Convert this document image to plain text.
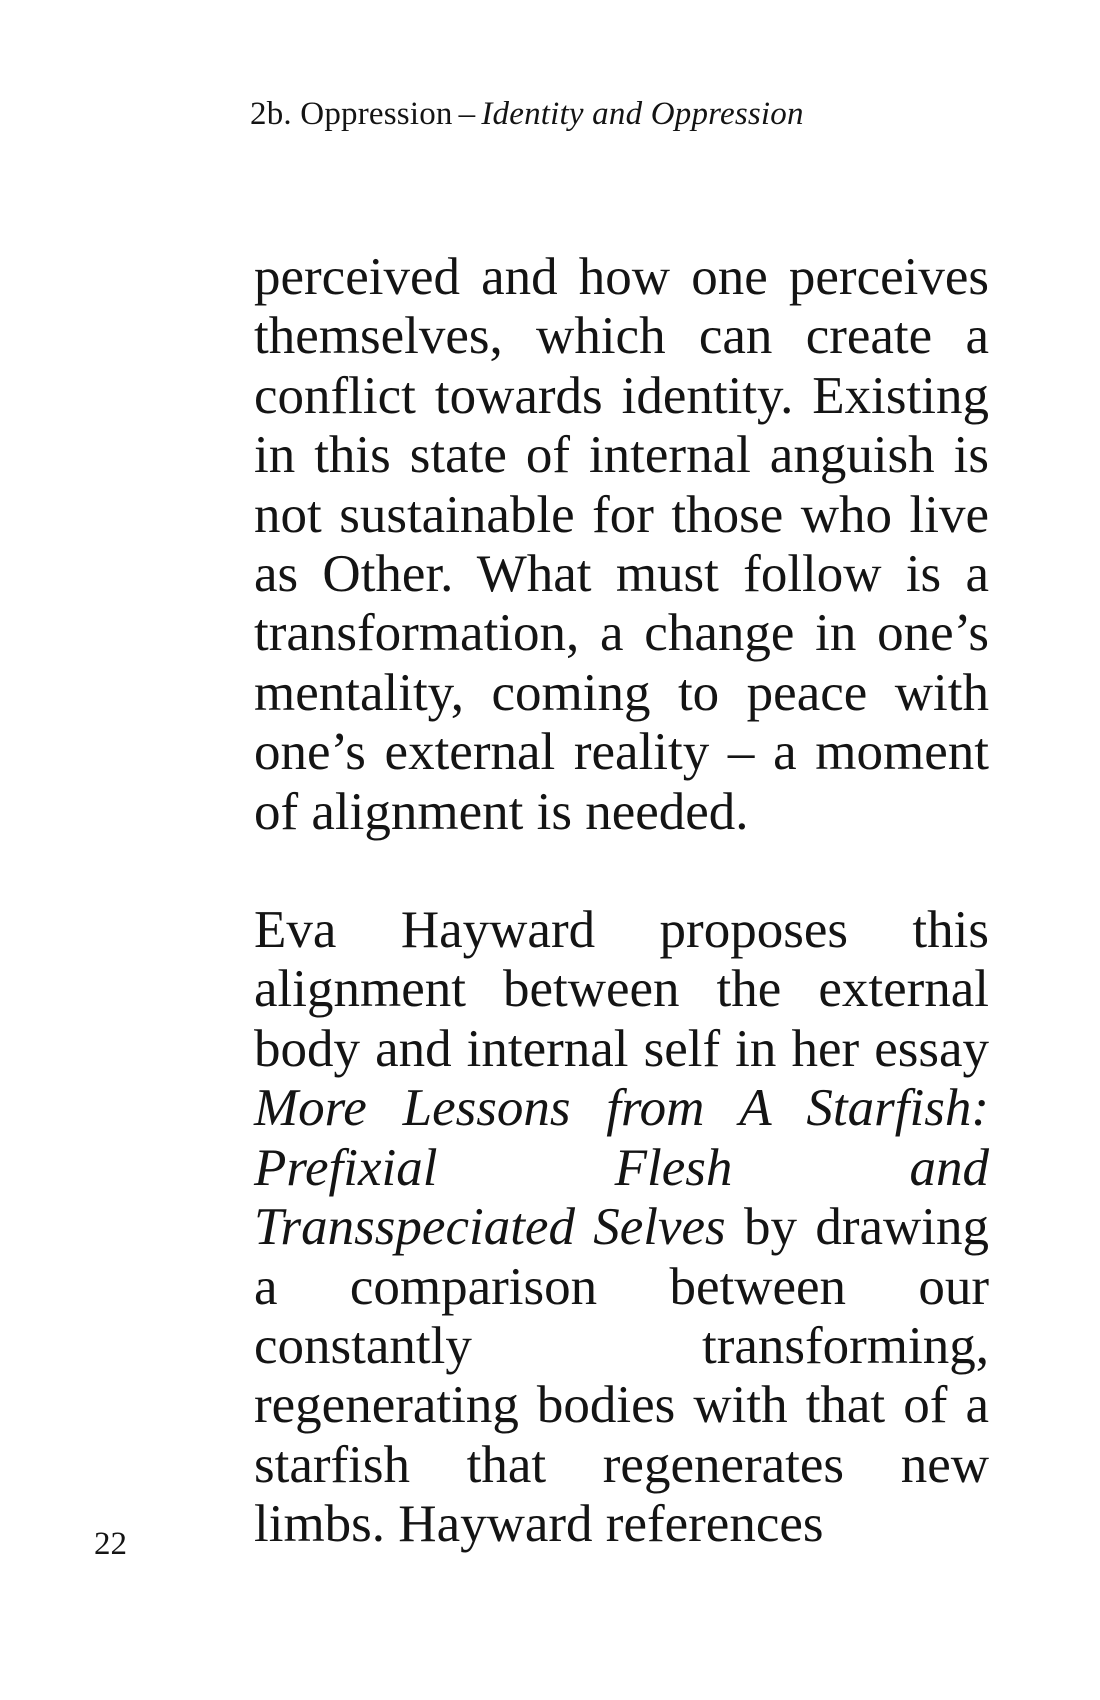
2b. Oppression – Identity and Oppression

perceived and how one perceives themselves, which can create a conflict towards identity. Existing in this state of internal anguish is not sustainable for those who live as Other. What must follow is a transformation, a change in one’s mentality, coming to peace with one’s external reality – a moment of alignment is needed.

Eva Hayward proposes this alignment between the external body and internal self in her essay More Lessons from A Starfish: Prefixial Flesh and Transspeciated Selves by drawing a comparison between our constantly transforming, regenerating bodies with that of a starfish that regenerates new limbs. Hayward references

22
